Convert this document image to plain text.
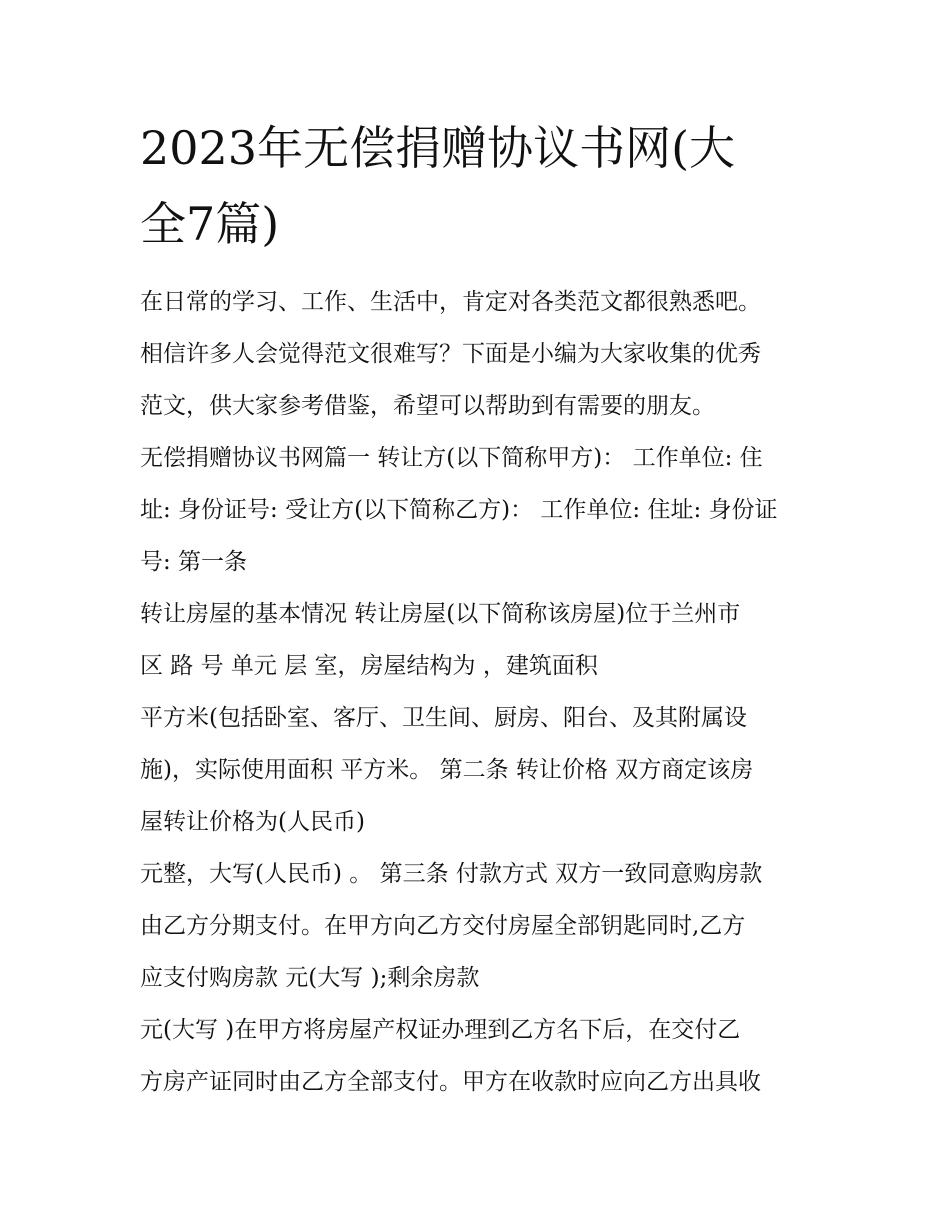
2023年无偿捐赠协议书网(大
全7篇)
在日常的学习、工作、生活中，肯定对各类范文都很熟悉吧。
相信许多人会觉得范文很难写？下面是小编为大家收集的优秀
范文，供大家参考借鉴，希望可以帮助到有需要的朋友。
无偿捐赠协议书网篇一 转让方(以下简称甲方)： 工作单位: 住
址: 身份证号: 受让方(以下简称乙方)： 工作单位: 住址: 身份证
号: 第一条
转让房屋的基本情况 转让房屋(以下简称该房屋)位于兰州市
区 路 号 单元 层 室，房屋结构为 ，建筑面积
平方米(包括卧室、客厅、卫生间、厨房、阳台、及其附属设
施)，实际使用面积 平方米。 第二条 转让价格 双方商定该房
屋转让价格为(人民币)
元整，大写(人民币) 。 第三条 付款方式 双方一致同意购房款
由乙方分期支付。在甲方向乙方交付房屋全部钥匙同时,乙方
应支付购房款 元(大写 );剩余房款
元(大写 )在甲方将房屋产权证办理到乙方名下后，在交付乙
方房产证同时由乙方全部支付。甲方在收款时应向乙方出具收
